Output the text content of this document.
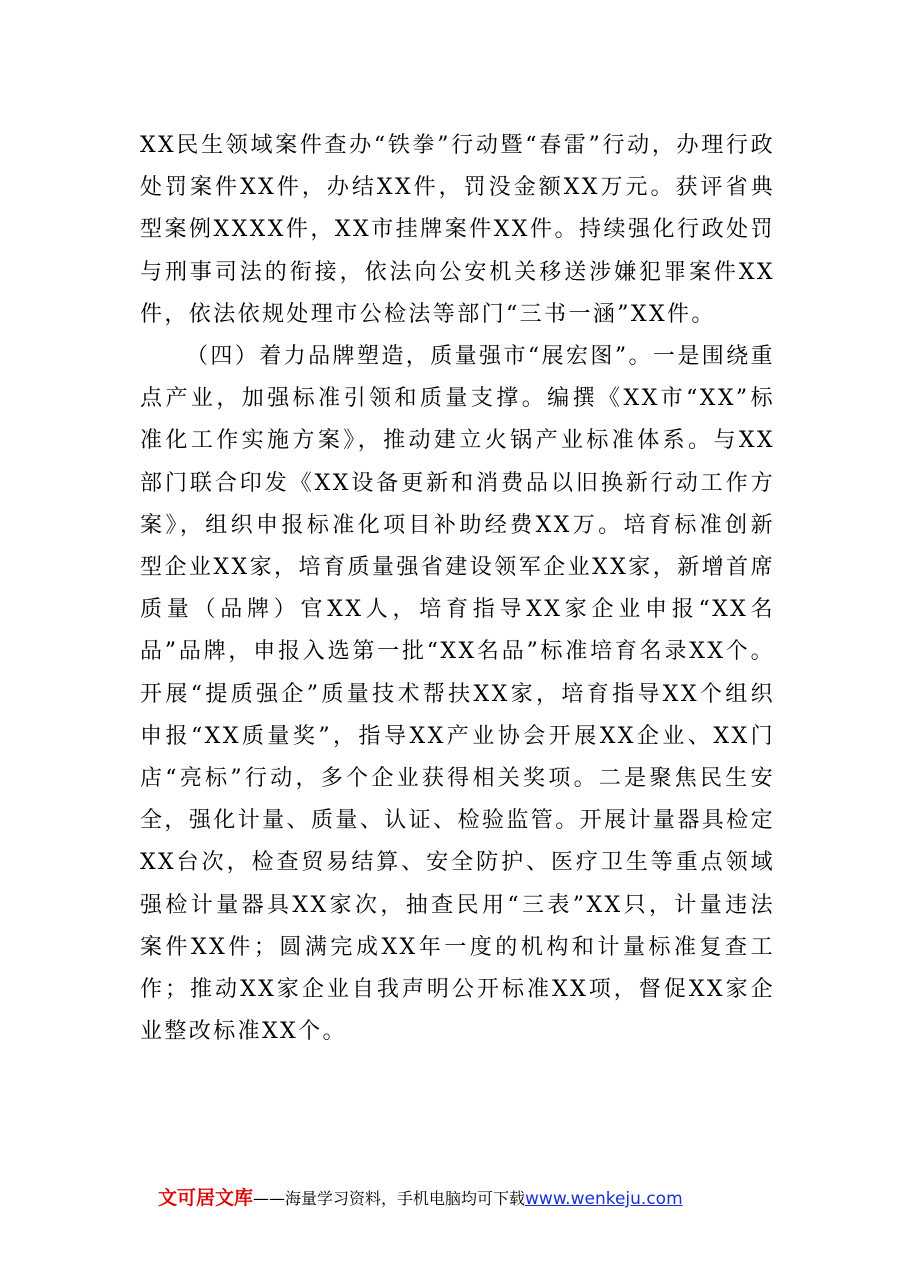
XX民生领域案件查办“铁拳”行动暨“春雷”行动，办理行政处罚案件XX件，办结XX件，罚没金额XX万元。获评省典型案例XXXX件，XX市挂牌案件XX件。持续强化行政处罚与刑事司法的衔接，依法向公安机关移送涉嫌犯罪案件XX件，依法依规处理市公检法等部门“三书一涵”XX件。

（四）着力品牌塑造，质量强市“展宏图”。一是围绕重点产业，加强标准引领和质量支撑。编撰《XX市“XX”标准化工作实施方案》，推动建立火锅产业标准体系。与XX部门联合印发《XX设备更新和消费品以旧换新行动工作方案》，组织申报标准化项目补助经费XX万。培育标准创新型企业XX家，培育质量强省建设领军企业XX家，新增首席质量（品牌）官XX人，培育指导XX家企业申报“XX名品”品牌，申报入选第一批“XX名品”标准培育名录XX个。开展“提质强企”质量技术帮扶XX家，培育指导XX个组织申报“XX质量奖”，指导XX产业协会开展XX企业、XX门店“亮标”行动，多个企业获得相关奖项。二是聚焦民生安全，强化计量、质量、认证、检验监管。开展计量器具检定XX台次，检查贸易结算、安全防护、医疗卫生等重点领域强检计量器具XX家次，抽查民用“三表”XX只，计量违法案件XX件；圆满完成XX年一度的机构和计量标准复查工作；推动XX家企业自我声明公开标准XX项，督促XX家企业整改标准XX个。

文可居文库——海量学习资料，手机电脑均可下载www.wenkeju.com
